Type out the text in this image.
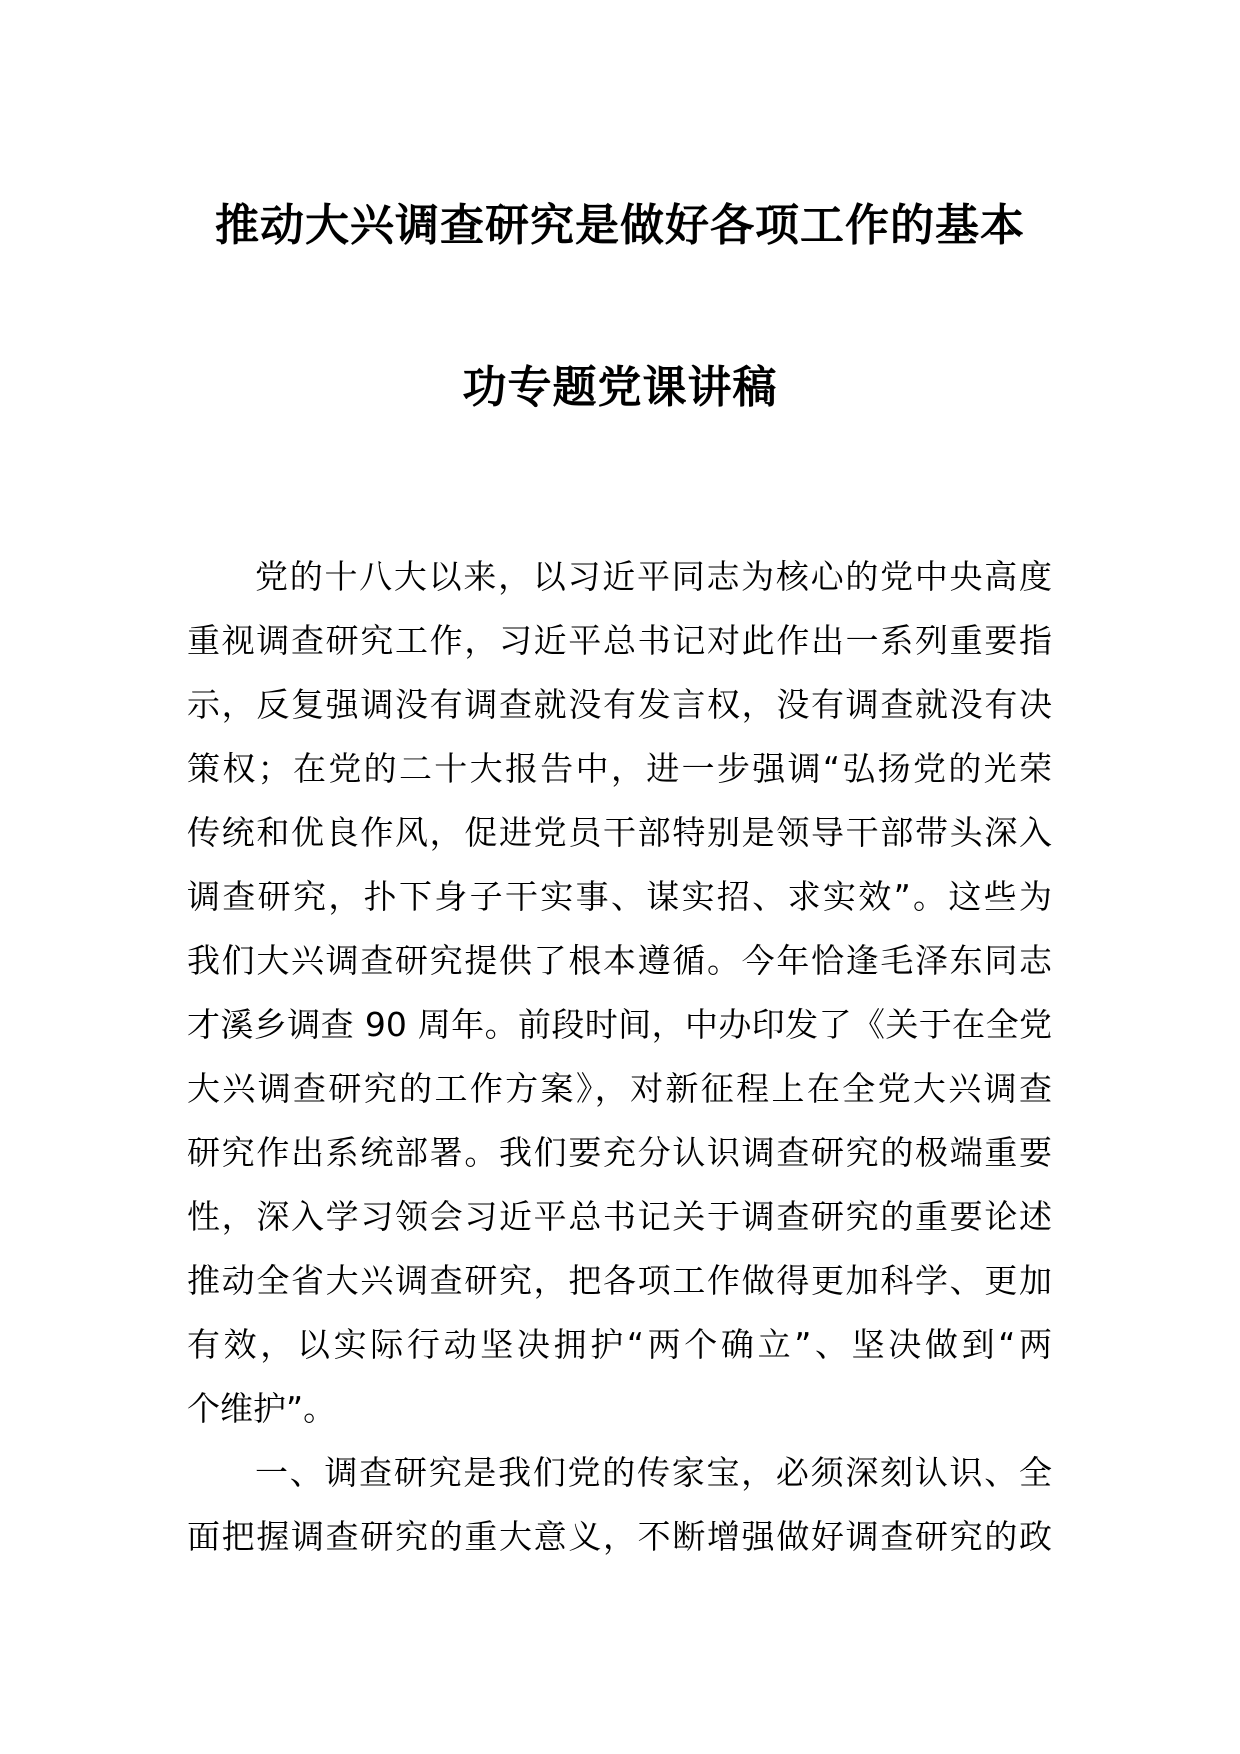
推动大兴调查研究是做好各项工作的基本
功专题党课讲稿
党的十八大以来，以习近平同志为核心的党中央高度
重视调查研究工作，习近平总书记对此作出一系列重要指
示，反复强调没有调查就没有发言权，没有调查就没有决
策权；在党的二十大报告中，进一步强调“弘扬党的光荣
传统和优良作风，促进党员干部特别是领导干部带头深入
调查研究，扑下身子干实事、谋实招、求实效”。这些为
我们大兴调查研究提供了根本遵循。今年恰逢毛泽东同志
才溪乡调查 90 周年。前段时间，中办印发了《关于在全党
大兴调查研究的工作方案》，对新征程上在全党大兴调查
研究作出系统部署。我们要充分认识调查研究的极端重要
性，深入学习领会习近平总书记关于调查研究的重要论述
推动全省大兴调查研究，把各项工作做得更加科学、更加
有效，以实际行动坚决拥护“两个确立”、坚决做到“两
个维护”。
一、调查研究是我们党的传家宝，必须深刻认识、全
面把握调查研究的重大意义，不断增强做好调查研究的政
